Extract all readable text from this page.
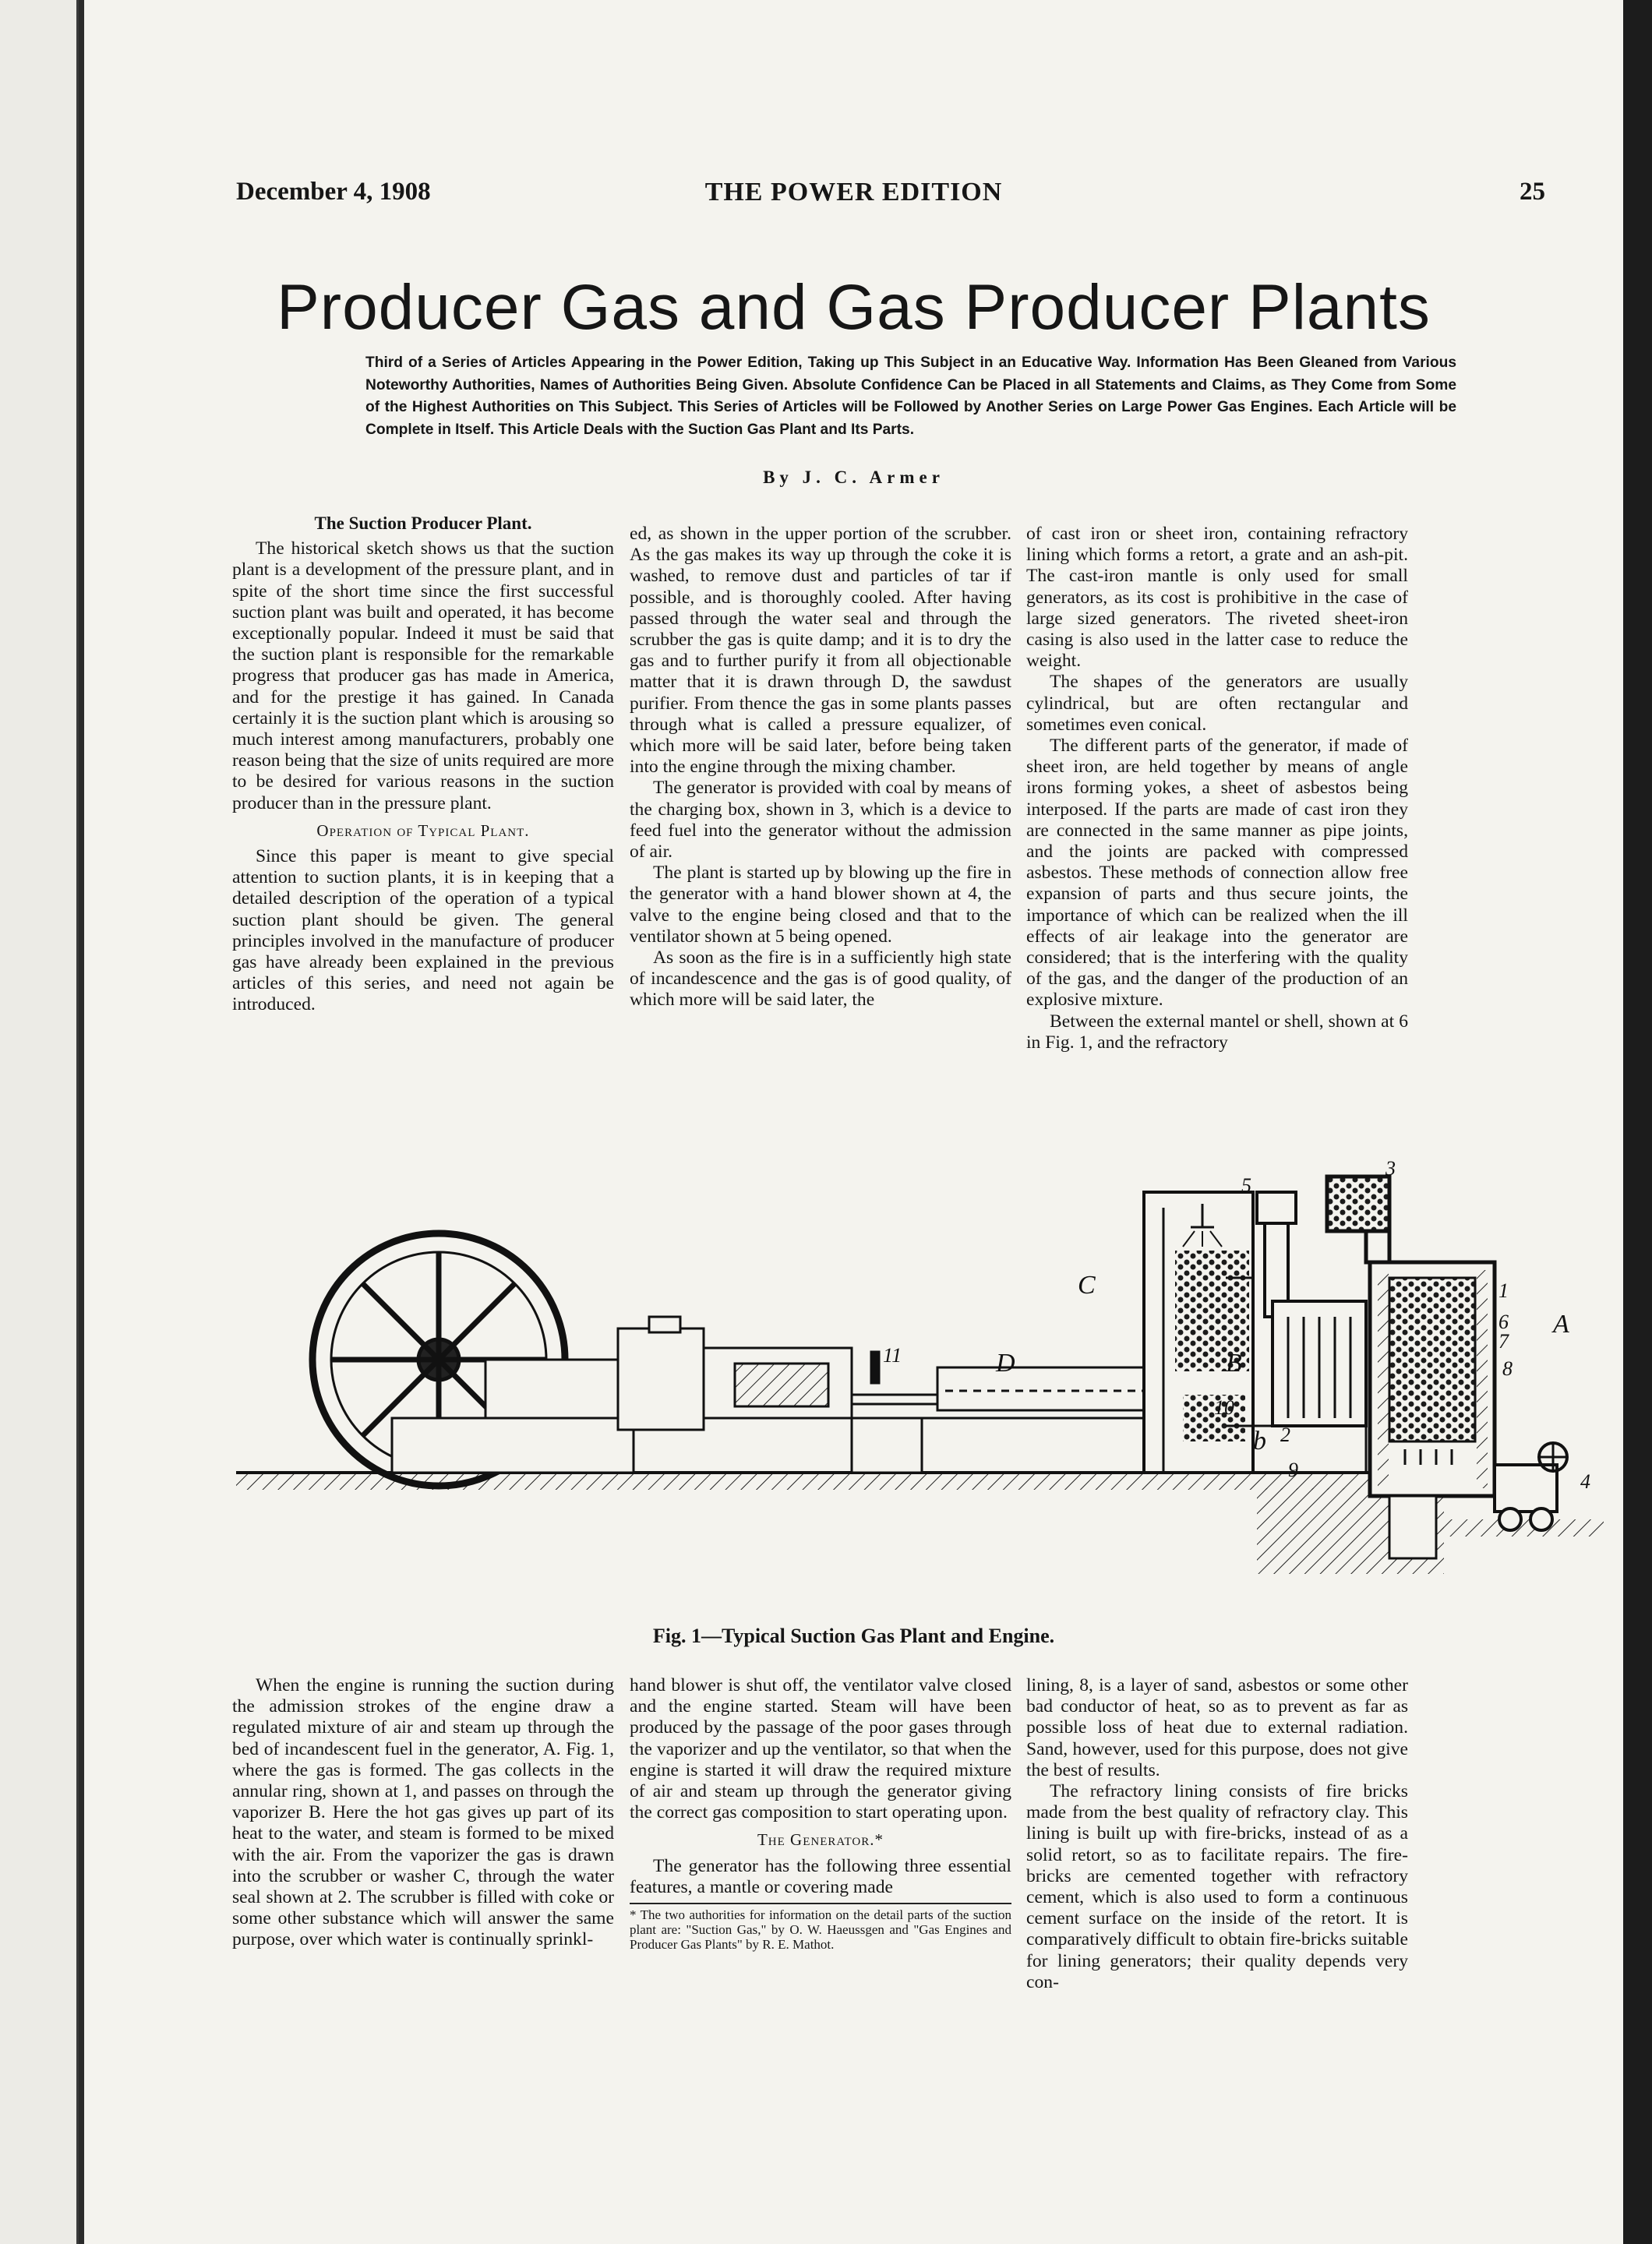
December 4, 1908	THE POWER EDITION	25
Producer Gas and Gas Producer Plants
Third of a Series of Articles Appearing in the Power Edition, Taking up This Subject in an Educative Way. Information Has Been Gleaned from Various Noteworthy Authorities, Names of Authorities Being Given. Absolute Confidence Can be Placed in all Statements and Claims, as They Come from Some of the Highest Authorities on This Subject. This Series of Articles will be Followed by Another Series on Large Power Gas Engines. Each Article will be Complete in Itself. This Article Deals with the Suction Gas Plant and Its Parts.
By J. C. Armer
The Suction Producer Plant.

The historical sketch shows us that the suction plant is a development of the pressure plant, and in spite of the short time since the first successful suction plant was built and operated, it has become exceptionally popular. Indeed it must be said that the suction plant is responsible for the remarkable progress that producer gas has made in America, and for the prestige it has gained. In Canada certainly it is the suction plant which is arousing so much interest among manufacturers, probably one reason being that the size of units required are more to be desired for various reasons in the suction producer than in the pressure plant.

Operation of Typical Plant.

Since this paper is meant to give special attention to suction plants, it is in keeping that a detailed description of the operation of a typical suction plant should be given. The general principles involved in the manufacture of producer gas have already been explained in the previous articles of this series, and need not again be introduced.

ed, as shown in the upper portion of the scrubber. As the gas makes its way up through the coke it is washed, to remove dust and particles of tar if possible, and is thoroughly cooled. After having passed through the water seal and through the scrubber the gas is quite damp; and it is to dry the gas and to further purify it from all objectionable matter that it is drawn through D, the sawdust purifier. From thence the gas in some plants passes through what is called a pressure equalizer, of which more will be said later, before being taken into the engine through the mixing chamber.

The generator is provided with coal by means of the charging box, shown in 3, which is a device to feed fuel into the generator without the admission of air.

The plant is started up by blowing up the fire in the generator with a hand blower shown at 4, the valve to the engine being closed and that to the ventilator shown at 5 being opened.

As soon as the fire is in a sufficiently high state of incandescence and the gas is of good quality, of which more will be said later, the

of cast iron or sheet iron, containing refractory lining which forms a retort, a grate and an ash-pit. The cast-iron mantle is only used for small generators, as its cost is prohibitive in the case of large sized generators. The riveted sheet-iron casing is also used in the latter case to reduce the weight.

The shapes of the generators are usually cylindrical, but are often rectangular and sometimes even conical.

The different parts of the generator, if made of sheet iron, are held together by means of angle irons forming yokes, a sheet of asbestos being interposed. If the parts are made of cast iron they are connected in the same manner as pipe joints, and the joints are packed with compressed asbestos. These methods of connection allow free expansion of parts and thus secure joints, the importance of which can be realized when the ill effects of air leakage into the generator are considered; that is the interfering with the quality of the gas, and the danger of the production of an explosive mixture.

Between the external mantel or shell, shown at 6 in Fig. 1, and the refractory

C
D	B
A
b
1
2
3
4
5
6
7
8
9
10
11
Fig. 1—Typical Suction Gas Plant and Engine.

When the engine is running the suction during the admission strokes of the engine draw a regulated mixture of air and steam up through the bed of incandescent fuel in the generator, A. Fig. 1, where the gas is formed. The gas collects in the annular ring, shown at 1, and passes on through the vaporizer B. Here the hot gas gives up part of its heat to the water, and steam is formed to be mixed with the air. From the vaporizer the gas is drawn into the scrubber or washer C, through the water seal shown at 2. The scrubber is filled with coke or some other substance which will answer the same purpose, over which water is continually sprinkl-

hand blower is shut off, the ventilator valve closed and the engine started. Steam will have been produced by the passage of the poor gases through the vaporizer and up the ventilator, so that when the engine is started it will draw the required mixture of air and steam up through the generator giving the correct gas composition to start operating upon.

The Generator.*

The generator has the following three essential features, a mantle or covering made

* The two authorities for information on the detail parts of the suction plant are: "Suction Gas," by O. W. Haeussgen and "Gas Engines and Producer Gas Plants" by R. E. Mathot.

lining, 8, is a layer of sand, asbestos or some other bad conductor of heat, so as to prevent as far as possible loss of heat due to external radiation. Sand, however, used for this purpose, does not give the best of results.

The refractory lining consists of fire bricks made from the best quality of refractory clay. This lining is built up with fire-bricks, instead of as a solid retort, so as to facilitate repairs. The fire-bricks are cemented together with refractory cement, which is also used to form a continuous cement surface on the inside of the retort. It is comparatively difficult to obtain fire-bricks suitable for lining generators; their quality depends very con-
